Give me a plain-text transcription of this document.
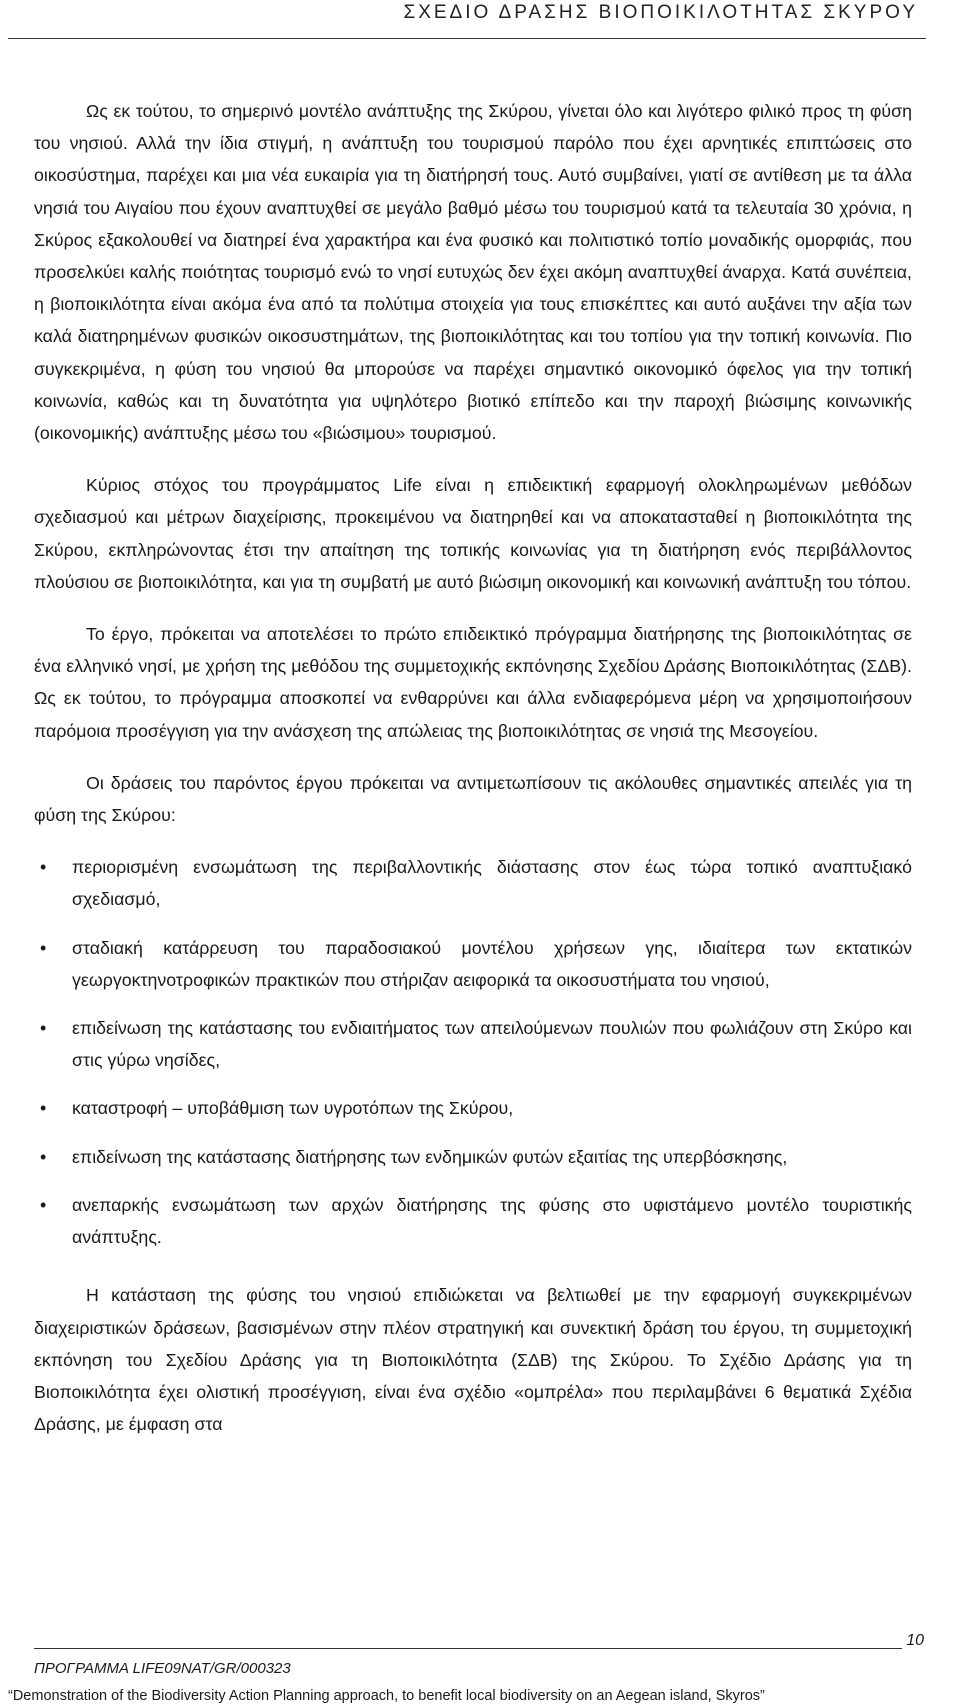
ΣΧΕΔΙΟ ΔΡΑΣΗΣ ΒΙΟΠΟΙΚΙΛΟΤΗΤΑΣ ΣΚΥΡΟΥ

Ως εκ τούτου, το σημερινό μοντέλο ανάπτυξης της Σκύρου, γίνεται όλο και λιγότερο φιλικό προς τη φύση του νησιού. Αλλά την ίδια στιγμή, η ανάπτυξη του τουρισμού παρόλο που έχει αρνητικές επιπτώσεις στο οικοσύστημα, παρέχει και μια νέα ευκαιρία για τη διατήρησή τους. Αυτό συμβαίνει, γιατί σε αντίθεση με τα άλλα νησιά του Αιγαίου που έχουν αναπτυχθεί σε μεγάλο βαθμό μέσω του τουρισμού κατά τα τελευταία 30 χρόνια, η Σκύρος εξακολουθεί να διατηρεί ένα χαρακτήρα και ένα φυσικό και πολιτιστικό τοπίο μοναδικής ομορφιάς, που προσελκύει καλής ποιότητας τουρισμό ενώ το νησί ευτυχώς δεν έχει ακόμη αναπτυχθεί άναρχα. Κατά συνέπεια, η βιοποικιλότητα είναι ακόμα ένα από τα πολύτιμα στοιχεία για τους επισκέπτες και αυτό αυξάνει την αξία των καλά διατηρημένων φυσικών οικοσυστημάτων, της βιοποικιλότητας και του τοπίου για την τοπική κοινωνία. Πιο συγκεκριμένα, η φύση του νησιού θα μπορούσε να παρέχει σημαντικό οικονομικό όφελος για την τοπική κοινωνία, καθώς και τη δυνατότητα για υψηλότερο βιοτικό επίπεδο και την παροχή βιώσιμης κοινωνικής (οικονομικής) ανάπτυξης μέσω του «βιώσιμου» τουρισμού.

Κύριος στόχος του προγράμματος Life είναι η επιδεικτική εφαρμογή ολοκληρωμένων μεθόδων σχεδιασμού και μέτρων διαχείρισης, προκειμένου να διατηρηθεί και να αποκατασταθεί η βιοποικιλότητα της Σκύρου, εκπληρώνοντας έτσι την απαίτηση της τοπικής κοινωνίας για τη διατήρηση ενός περιβάλλοντος πλούσιου σε βιοποικιλότητα, και για τη συμβατή με αυτό βιώσιμη οικονομική και κοινωνική ανάπτυξη του τόπου.

Το έργο, πρόκειται να αποτελέσει το πρώτο επιδεικτικό πρόγραμμα διατήρησης της βιοποικιλότητας σε ένα ελληνικό νησί, με χρήση της μεθόδου της συμμετοχικής εκπόνησης Σχεδίου Δράσης Βιοποικιλότητας (ΣΔΒ). Ως εκ τούτου, το πρόγραμμα αποσκοπεί να ενθαρρύνει και άλλα ενδιαφερόμενα μέρη να χρησιμοποιήσουν παρόμοια προσέγγιση για την ανάσχεση της απώλειας της βιοποικιλότητας σε νησιά της Μεσογείου.

Οι δράσεις του παρόντος έργου πρόκειται να αντιμετωπίσουν τις ακόλουθες σημαντικές απειλές για τη φύση της Σκύρου:

• περιορισμένη ενσωμάτωση της περιβαλλοντικής διάστασης στον έως τώρα τοπικό αναπτυξιακό σχεδιασμό,
• σταδιακή κατάρρευση του παραδοσιακού μοντέλου χρήσεων γης, ιδιαίτερα των εκτατικών γεωργοκτηνοτροφικών πρακτικών που στήριζαν αειφορικά τα οικοσυστήματα του νησιού,
• επιδείνωση της κατάστασης του ενδιαιτήματος των απειλούμενων πουλιών που φωλιάζουν στη Σκύρο και στις γύρω νησίδες,
• καταστροφή – υποβάθμιση των υγροτόπων της Σκύρου,
• επιδείνωση της κατάστασης διατήρησης των ενδημικών φυτών εξαιτίας της υπερβόσκησης,
• ανεπαρκής ενσωμάτωση των αρχών διατήρησης της φύσης στο υφιστάμενο μοντέλο τουριστικής ανάπτυξης.

Η κατάσταση της φύσης του νησιού επιδιώκεται να βελτιωθεί με την εφαρμογή συγκεκριμένων διαχειριστικών δράσεων, βασισμένων στην πλέον στρατηγική και συνεκτική δράση του έργου, τη συμμετοχική εκπόνηση του Σχεδίου Δράσης για τη Βιοποικιλότητα (ΣΔΒ) της Σκύρου. Το Σχέδιο Δράσης για τη Βιοποικιλότητα έχει ολιστική προσέγγιση, είναι ένα σχέδιο «ομπρέλα» που περιλαμβάνει 6 θεματικά Σχέδια Δράσης, με έμφαση στα

10
ΠΡΟΓΡΑΜΜΑ LIFE09NAT/GR/000323
“Demonstration of the Biodiversity Action Planning approach, to benefit local biodiversity on an Aegean island, Skyros”
